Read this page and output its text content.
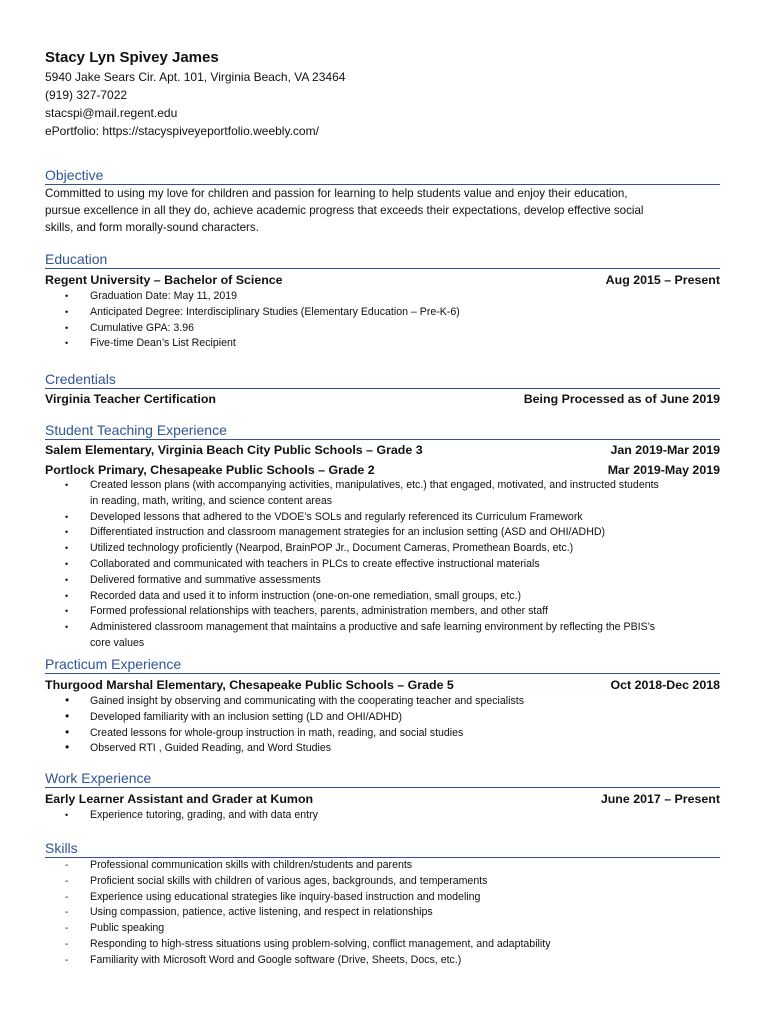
Stacy Lyn Spivey James
5940 Jake Sears Cir. Apt. 101, Virginia Beach, VA 23464
(919) 327-7022
stacspi@mail.regent.edu
ePortfolio: https://stacyspiveyeportfolio.weebly.com/
Objective
Committed to using my love for children and passion for learning to help students value and enjoy their education,
pursue excellence in all they do, achieve academic progress that exceeds their expectations, develop effective social
skills, and form morally-sound characters.
Education
Regent University – Bachelor of Science	Aug 2015 – Present
• Graduation Date: May 11, 2019
• Anticipated Degree: Interdisciplinary Studies (Elementary Education – Pre-K-6)
• Cumulative GPA: 3.96
• Five-time Dean’s List Recipient
Credentials
Virginia Teacher Certification	Being Processed as of June 2019
Student Teaching Experience
Salem Elementary, Virginia Beach City Public Schools – Grade 3	Jan 2019-Mar 2019
Portlock Primary, Chesapeake Public Schools – Grade 2	Mar 2019-May 2019
• Created lesson plans (with accompanying activities, manipulatives, etc.) that engaged, motivated, and instructed students
in reading, math, writing, and science content areas
• Developed lessons that adhered to the VDOE’s SOLs and regularly referenced its Curriculum Framework
• Differentiated instruction and classroom management strategies for an inclusion setting (ASD and OHI/ADHD)
• Utilized technology proficiently (Nearpod, BrainPOP Jr., Document Cameras, Promethean Boards, etc.)
• Collaborated and communicated with teachers in PLCs to create effective instructional materials
• Delivered formative and summative assessments
• Recorded data and used it to inform instruction (one-on-one remediation, small groups, etc.)
• Formed professional relationships with teachers, parents, administration members, and other staff
• Administered classroom management that maintains a productive and safe learning environment by reflecting the PBIS’s
core values
Practicum Experience
Thurgood Marshal Elementary, Chesapeake Public Schools – Grade 5	Oct 2018-Dec 2018
• Gained insight by observing and communicating with the cooperating teacher and specialists
• Developed familiarity with an inclusion setting (LD and OHI/ADHD)
• Created lessons for whole-group instruction in math, reading, and social studies
• Observed RTI , Guided Reading, and Word Studies
Work Experience
Early Learner Assistant and Grader at Kumon	June 2017 – Present
• Experience tutoring, grading, and with data entry
Skills
- Professional communication skills with children/students and parents
- Proficient social skills with children of various ages, backgrounds, and temperaments
- Experience using educational strategies like inquiry-based instruction and modeling
- Using compassion, patience, active listening, and respect in relationships
- Public speaking
- Responding to high-stress situations using problem-solving, conflict management, and adaptability
- Familiarity with Microsoft Word and Google software (Drive, Sheets, Docs, etc.)
